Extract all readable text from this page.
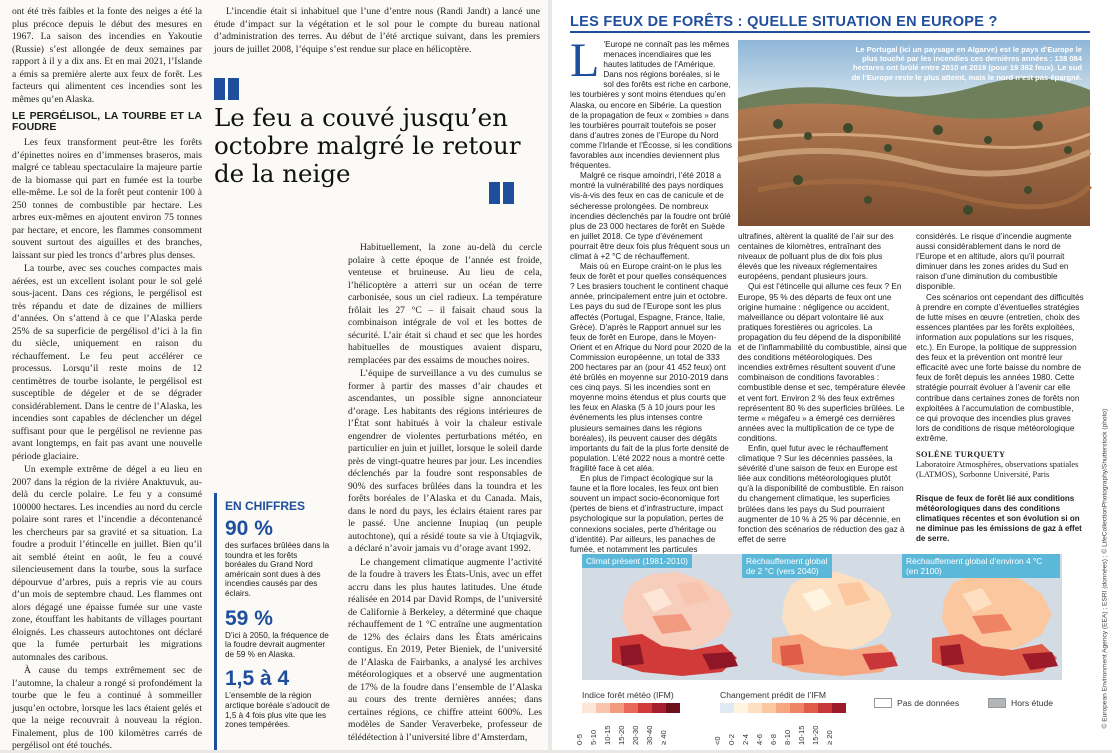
ont été très faibles et la fonte des neiges a été la plus précoce depuis le début des mesures en 1967. La saison des incendies en Yakoutie (Russie) s’est allongée de deux semaines par rapport à il y a dix ans. Et en mai 2021, l’Islande a émis sa première alerte aux feux de forêt. Les facteurs qui alimentent ces incendies sont les mêmes qu’en Alaska.

LE PERGÉLISOL, LA TOURBE ET LA FOUDRE

Les feux transforment peut-être les forêts d’épinettes noires en d’immenses braseros, mais malgré ce tableau spectaculaire la majeure partie de la biomasse qui part en fumée est la tourbe elle-même. Le sol de la forêt peut contenir 100 à 250 tonnes de combustible par hectare. Les arbres eux-mêmes en ajoutent environ 75 tonnes par hectare, et encore, les flammes consomment souvent surtout des aiguilles et des branches, laissant sur pied les troncs d’arbres plus denses.

La tourbe, avec ses couches compactes mais aérées, est un excellent isolant pour le sol gelé sous-jacent. Dans ces régions, le pergélisol est très répandu et date de dizaines de milliers d’années. On s’attend à ce que l’Alaska perde 25% de sa superficie de pergélisol d’ici à la fin du siècle, uniquement en raison du réchauffement. Le feu peut accélérer ce processus. Lorsqu’il reste moins de 12 centimètres de tourbe isolante, le pergélisol est susceptible de dégeler et de se dégrader considérablement. Dans le centre de l’Alaska, les incendies sont capables de déclencher un dégel suffisant pour que le pergélisol ne revienne pas avant longtemps, en fait pas avant une nouvelle période glaciaire.

Un exemple extrême de dégel a eu lieu en 2007 dans la région de la rivière Anaktuvuk, au-delà du cercle polaire. Le feu y a consumé 100000 hectares. Les incendies au nord du cercle polaire sont rares et l’incendie a décontenancé les chercheurs par sa gravité et sa situation. La foudre a produit l’étincelle en juillet. Bien qu’il ait semblé éteint en août, le feu a couvé silencieusement dans la tourbe, sous la surface dépourvue d’arbres, puis a repris vie au cours d’un mois de septembre chaud. Les flammes ont alors dégagé une épaisse fumée sur une vaste zone, étouffant les habitants de villages pourtant éloignés. Les chasseurs autochtones ont déclaré que la fumée perturbait les migrations automnales des caribous.

À cause du temps extrêmement sec de l’automne, la chaleur a rongé si profondément la tourbe que le feu a continué à sommeiller jusqu’en octobre, lorsque les lacs étaient gelés et que la neige recouvrait à nouveau la région. Finalement, plus de 100 kilomètres carrés de pergélisol ont été touchés.

L’incendie était si inhabituel que l’une d’entre nous (Randi Jandt) a lancé une étude d’impact sur la végétation et le sol pour le compte du bureau national d’administration des terres. Au début de l’été arctique suivant, dans les premiers jours de juillet 2008, l’équipe s’est rendue sur place en hélicoptère.

Le feu a couvé jusqu’en octobre malgré le retour de la neige

Habituellement, la zone au-delà du cercle polaire à cette époque de l’année est froide, venteuse et bruineuse. Au lieu de cela, l’hélicoptère a atterri sur un océan de terre carbonisée, sous un ciel radieux. La température frôlait les 27 °C – il faisait chaud sous la combinaison intégrale de vol et les bottes de sécurité. L’air était si chaud et sec que les hordes habituelles de moustiques avaient disparu, remplacées par des essaims de mouches noires.

L’équipe de surveillance a vu des cumulus se former à partir des masses d’air chaudes et ascendantes, un possible signe annonciateur d’orage. Les habitants des régions intérieures de l’État sont habitués à voir la chaleur estivale engendrer de violentes perturbations météo, en particulier en juin et juillet, lorsque le soleil darde près de vingt-quatre heures par jour. Les incendies déclenchés par la foudre sont responsables de 90% des surfaces brûlées dans la toundra et les forêts boréales de l’Alaska et du Canada. Mais, dans le nord du pays, les éclairs étaient rares par le passé. Une ancienne Inupiaq (un peuple autochtone), qui a résidé toute sa vie à Utqiagvik, a déclaré n’avoir jamais vu d’orage avant 1992.

Le changement climatique augmente l’activité de la foudre à travers les États-Unis, avec un effet accru dans les plus hautes latitudes. Une étude réalisée en 2014 par David Romps, de l’université de Californie à Berkeley, a déterminé que chaque réchauffement de 1 °C entraîne une augmentation de 12% des éclairs dans les États américains contigus. En 2019, Peter Bieniek, de l’université de l’Alaska de Fairbanks, a analysé les archives météorologiques et a observé une augmentation de 17% de la foudre dans l’ensemble de l’Alaska au cours des trente dernières années; dans certaines régions, ce chiffre atteint 600%. Les modèles de Sander Veraverbeke, professeur de télédétection à l’université libre d’Amsterdam,

EN CHIFFRES
90 %
des surfaces brûlées dans la toundra et les forêts boréales du Grand Nord américain sont dues à des incendies causés par des éclairs.
59 %
D’ici à 2050, la fréquence de la foudre devrait augmenter de 59 % en Alaska.
1,5 à 4
L’ensemble de la région arctique boréale s’adoucit de 1,5 à 4 fois plus vite que les zones tempérées.
LES FEUX DE FORÊTS : QUELLE SITUATION EN EUROPE ?

L ’Europe ne connaît pas les mêmes menaces incendiaires que les hautes latitudes de l’Amérique. Dans nos régions boréales, si le sol des forêts est riche en carbone, les tourbières y sont moins étendues qu’en Alaska, ou encore en Sibérie. La question de la propagation de feux « zombies » dans les tourbières pourrait toutefois se poser dans d’autres zones de l’Europe du Nord comme l’Irlande et l’Écosse, si les conditions favorables aux incendies deviennent plus fréquentes.

Malgré ce risque amoindri, l’été 2018 a montré la vulnérabilité des pays nordiques vis-à-vis des feux en cas de canicule et de sécheresse prolongées. De nombreux incendies déclenchés par la foudre ont brûlé plus de 23 000 hectares de forêt en Suède en juillet 2018. Ce type d’événement pourrait être deux fois plus fréquent sous un climat à +2 °C de réchauffement.

Mais où en Europe craint-on le plus les feux de forêt et pour quelles conséquences ? Les brasiers touchent le continent chaque année, principalement entre juin et octobre. Les pays du sud de l’Europe sont les plus affectés (Portugal, Espagne, France, Italie, Grèce). D’après le Rapport annuel sur les feux de forêt en Europe, dans le Moyen-Orient et en Afrique du Nord pour 2020 de la Commission européenne, un total de 333 200 hectares par an (pour 41 452 feux) ont été brûlés en moyenne sur 2010-2019 dans ces cinq pays. Si les incendies sont en moyenne moins étendus et plus courts que les feux en Alaska (5 à 10 jours pour les événements les plus intenses contre plusieurs semaines dans les régions boréales), ils peuvent causer des dégâts importants du fait de la plus forte densité de population. L’été 2022 nous a montré cette fragilité face à cet aléa.

En plus de l’impact écologique sur la faune et la flore locales, les feux ont bien souvent un impact socio-économique fort (pertes de biens et d’infrastructure, impact psychologique sur la population, pertes de connexions sociales, perte d’héritage ou d’identité). Par ailleurs, les panaches de fumée, et notamment les particules

Le Portugal (ici un paysage en Algarve) est le pays d’Europe le plus touché par les incendies ces dernières années : 138 084 hectares ont brûlé entre 2010 et 2019 (pour 19 362 feux). Le sud de l’Europe reste le plus atteint, mais le nord n’est pas épargné.

ultrafines, altèrent la qualité de l’air sur des centaines de kilomètres, entraînant des niveaux de polluant plus de dix fois plus élevés que les niveaux réglementaires européens, pendant plusieurs jours.

Qui est l’étincelle qui allume ces feux ? En Europe, 95 % des départs de feux ont une origine humaine : négligence ou accident, malveillance ou départ volontaire lié aux pratiques forestières ou agricoles. La propagation du feu dépend de la disponibilité et de l’inflammabilité du combustible, ainsi que des conditions météorologiques. Des incendies extrêmes résultent souvent d’une combinaison de conditions favorables : combustible dense et sec, température élevée et vent fort. Environ 2 % des feux extrêmes représentent 80 % des superficies brûlées. Le terme « mégafeu » a émergé ces dernières années avec la multiplication de ce type de conditions.

Enfin, quel futur avec le réchauffement climatique ? Sur les décennies passées, la sévérité d’une saison de feux en Europe est liée aux conditions météorologiques plutôt qu’à la disponibilité de combustible. En raison du changement climatique, les superficies brûlées dans les pays du Sud pourraient augmenter de 10 % à 25 % par décennie, en fonction des scénarios de réduction des gaz à effet de serre

considérés. Le risque d’incendie augmente aussi considérablement dans le nord de l’Europe et en altitude, alors qu’il pourrait diminuer dans les zones arides du Sud en raison d’une diminution du combustible disponible.

Ces scénarios ont cependant des difficultés à prendre en compte d’éventuelles stratégies de lutte mises en œuvre (entretien, choix des essences plantées par les forêts exploitées, information aux populations sur les risques, etc.). En Europe, la politique de suppression des feux et la prévention ont montré leur efficacité avec une forte baisse du nombre de feux de forêt depuis les années 1980. Cette stratégie pourrait évoluer à l’avenir car elle contribue dans certaines zones de forêts non exploitées à l’accumulation de combustible, ce qui provoque des incendies plus graves lors de conditions de risque météorologique extrême.

SOLÈNE TURQUETY
Laboratoire Atmosphères, observations spatiales (LATMOS), Sorbonne Université, Paris
Risque de feux de forêt lié aux conditions météorologiques dans des conditions climatiques récentes et son évolution si on ne diminue pas les émissions de gaz à effet de serre.	© European Environment Agency (EEA) ; ESRI (données) ; © LifeCollectionPhotography/Shutterstock (photo)
Climat présent (1981-2010)	Réchauffement global de 2 °C (vers 2040)
Réchauffement global d’environ 4 °C (en 2100)
Indice forêt météo (IFM)
0-5 5-10 10-15 15-20 20-30 30-40 ≥ 40
Changement prédit de l’IFM
<0 0-2 2-4 4-6 6-8 8-10 10-15 15-20 ≥ 20
Pas de données	Hors étude
